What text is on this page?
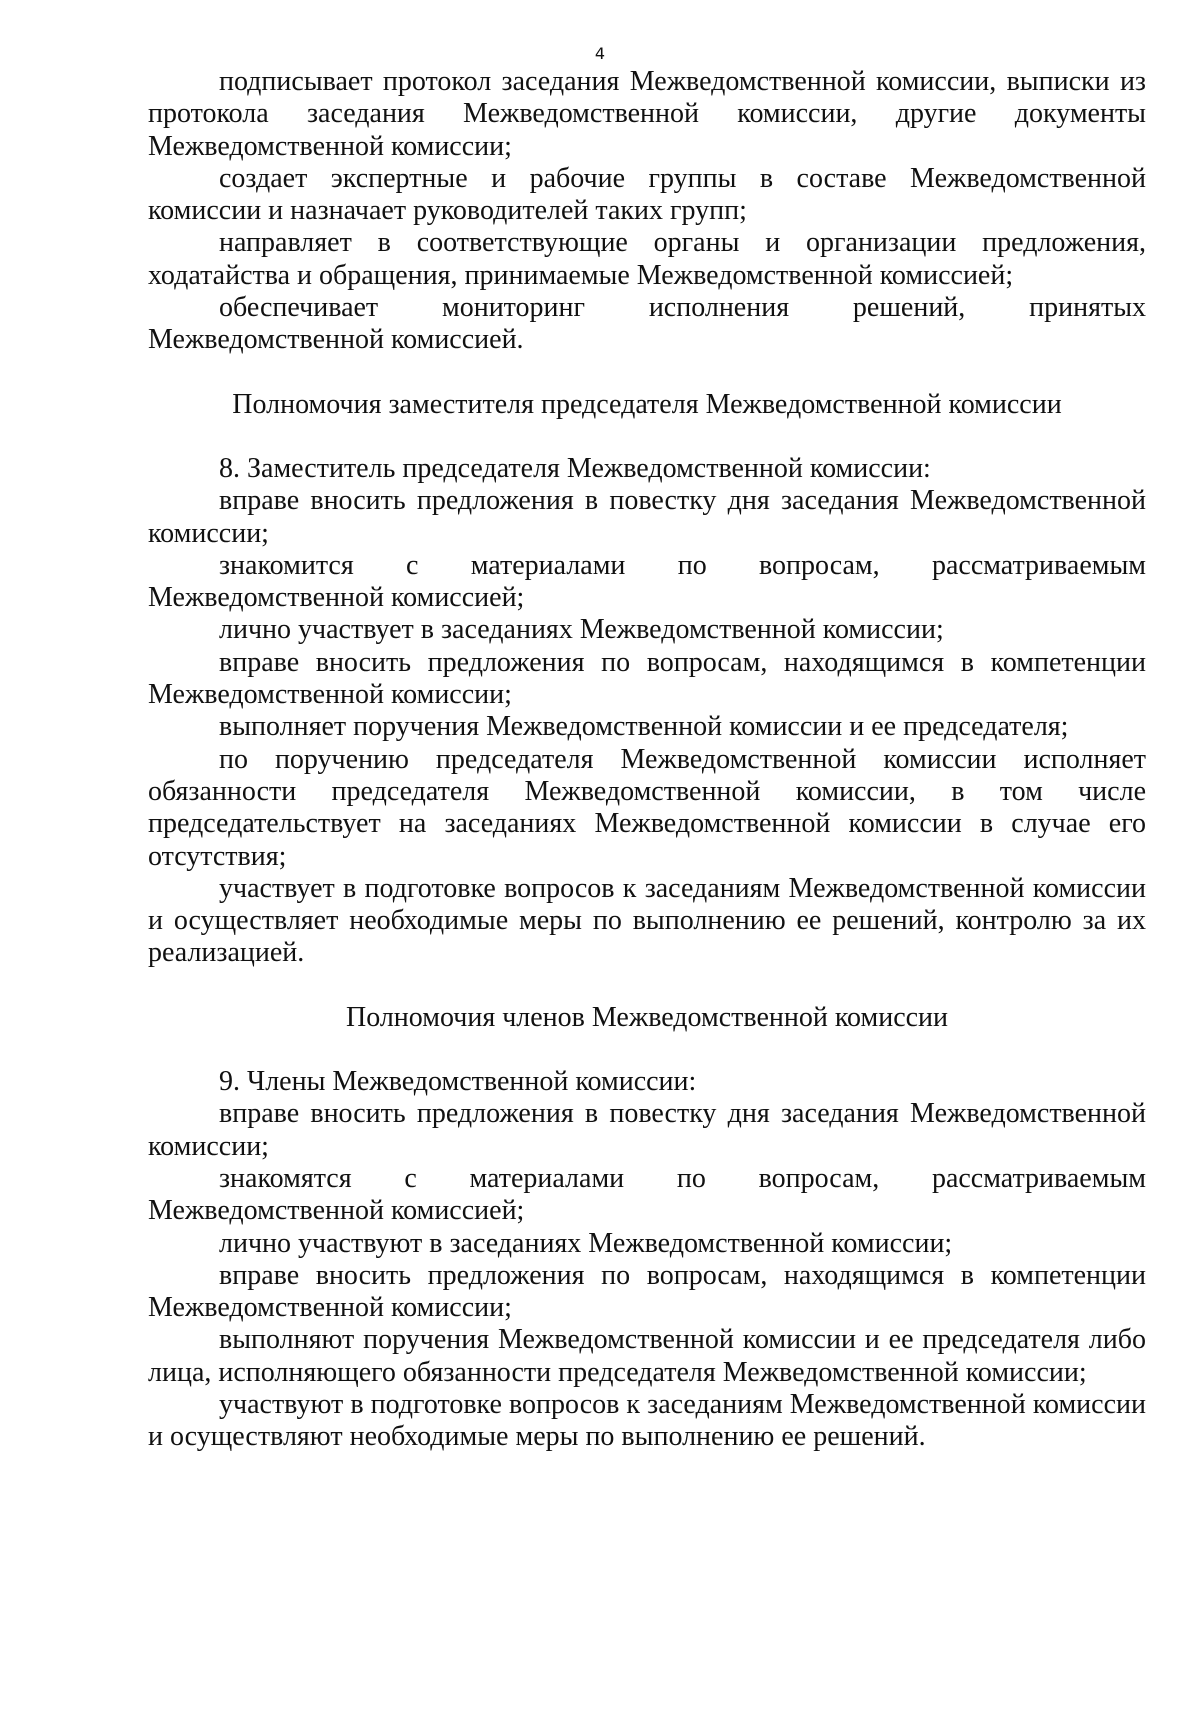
4

подписывает протокол заседания Межведомственной комиссии, выписки из протокола заседания Межведомственной комиссии, другие документы Межведомственной комиссии;

создает экспертные и рабочие группы в составе Межведомственной комиссии и назначает руководителей таких групп;

направляет в соответствующие органы и организации предложения, ходатайства и обращения, принимаемые Межведомственной комиссией;

обеспечивает мониторинг исполнения решений, принятых Межведомственной комиссией.

Полномочия заместителя председателя Межведомственной комиссии

8. Заместитель председателя Межведомственной комиссии:

вправе вносить предложения в повестку дня заседания Межведомственной комиссии;

знакомится с материалами по вопросам, рассматриваемым Межведомственной комиссией;

лично участвует в заседаниях Межведомственной комиссии;

вправе вносить предложения по вопросам, находящимся в компетенции Межведомственной комиссии;

выполняет поручения Межведомственной комиссии и ее председателя;

по поручению председателя Межведомственной комиссии исполняет обязанности председателя Межведомственной комиссии, в том числе председательствует на заседаниях Межведомственной комиссии в случае его отсутствия;

участвует в подготовке вопросов к заседаниям Межведомственной комиссии и осуществляет необходимые меры по выполнению ее решений, контролю за их реализацией.

Полномочия членов Межведомственной комиссии

9. Члены Межведомственной комиссии:

вправе вносить предложения в повестку дня заседания Межведомственной комиссии;

знакомятся с материалами по вопросам, рассматриваемым Межведомственной комиссией;

лично участвуют в заседаниях Межведомственной комиссии;

вправе вносить предложения по вопросам, находящимся в компетенции Межведомственной комиссии;

выполняют поручения Межведомственной комиссии и ее председателя либо лица, исполняющего обязанности председателя Межведомственной комиссии;

участвуют в подготовке вопросов к заседаниям Межведомственной комиссии и осуществляют необходимые меры по выполнению ее решений.
